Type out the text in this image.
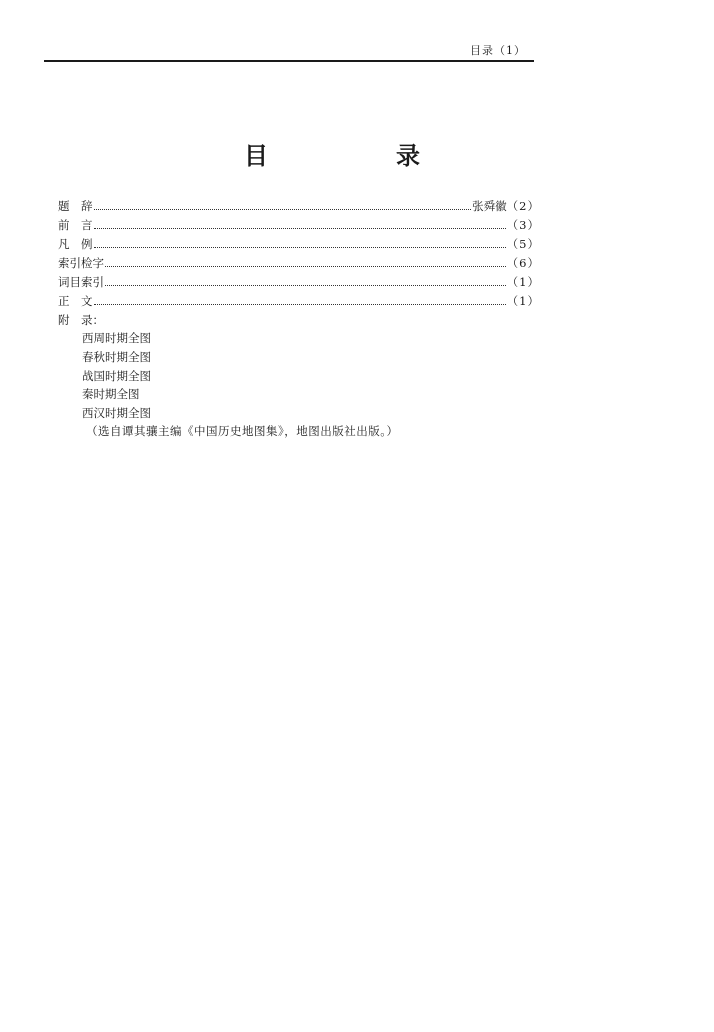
目录（1）
目　录
题　辞	张舜徽 （2）
前　言	（3）
凡　例	（5）
索引检字	（6）
词目索引	（1）
正　文	（1）
附　录：
西周时期全图
春秋时期全图
战国时期全图
秦时期全图
西汉时期全图
（选自谭其骧主编《中国历史地图集》，地图出版社出版。）
